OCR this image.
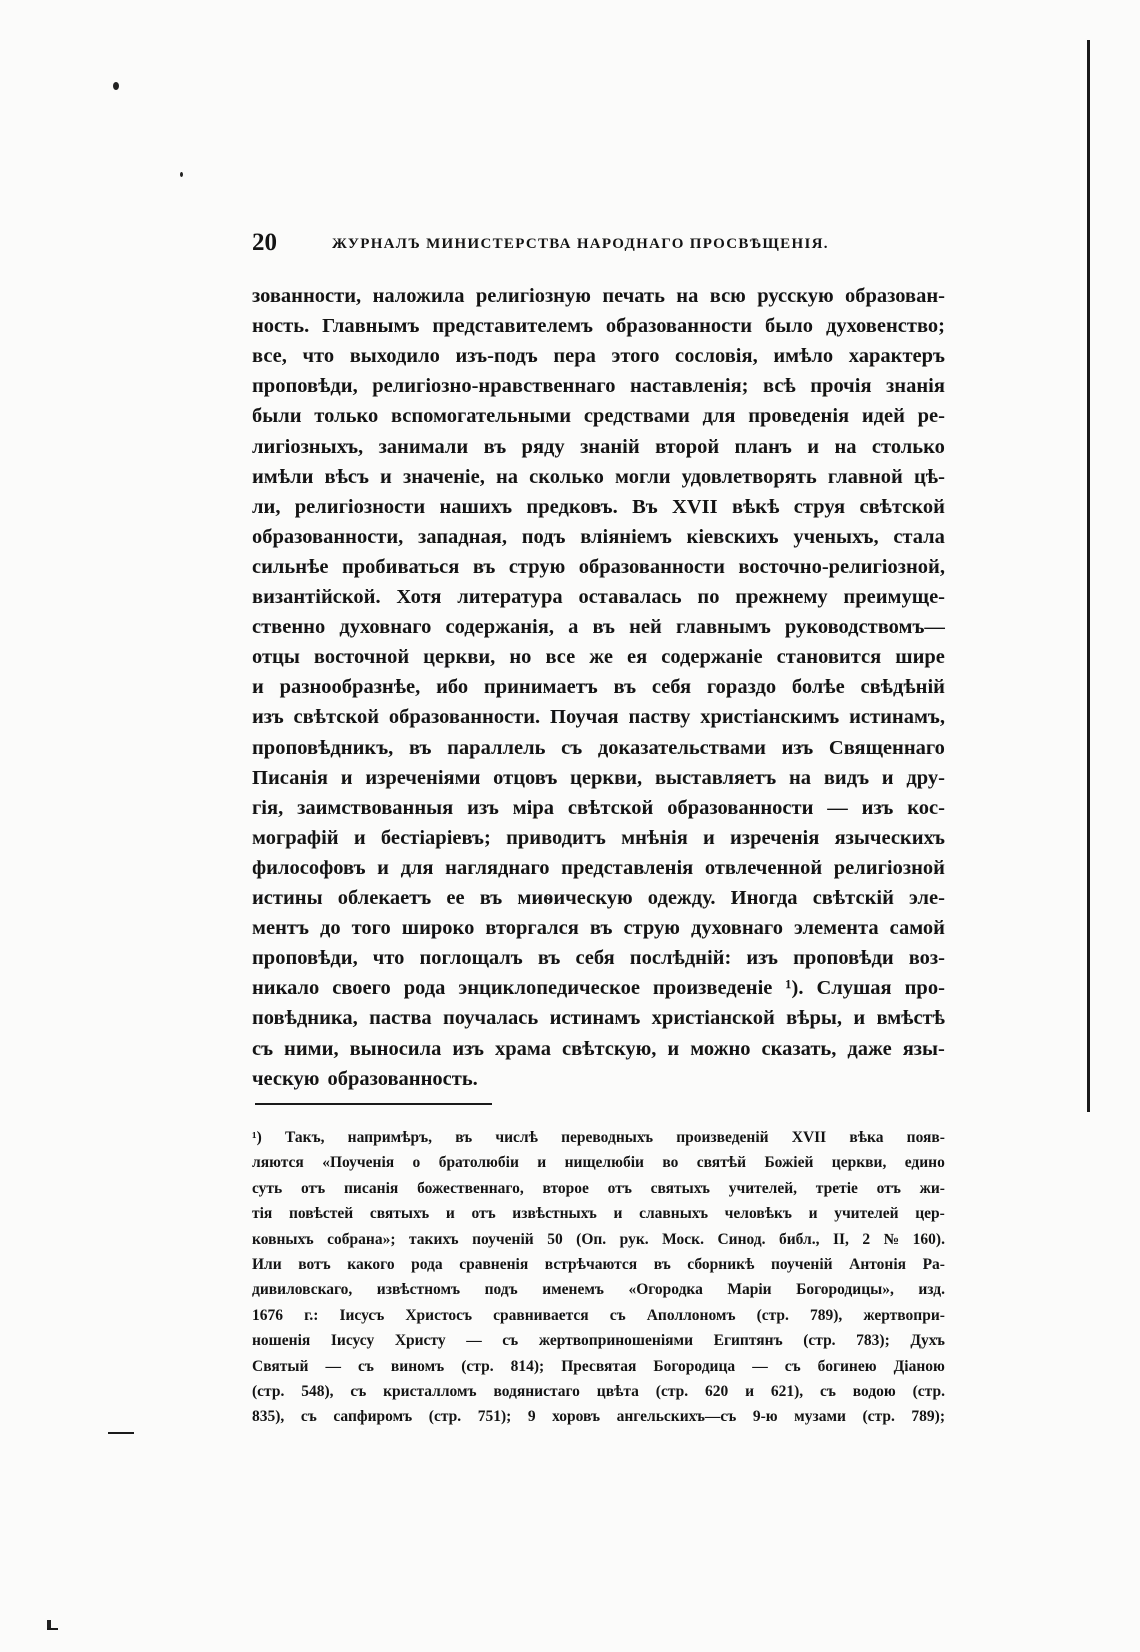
20	ЖУРНАЛЪ МИНИСТЕРСТВА НАРОДНАГО ПРОСВѢЩЕНІЯ.
зованности, наложила религіозную печать на всю русскую образован-
ность. Главнымъ представителемъ образованности было духовенство;
все, что выходило изъ-подъ пера этого сословія, имѣло характеръ
проповѣди, религіозно-нравственнаго наставленія; всѣ прочія знанія
были только вспомогательными средствами для проведенія идей ре-
лигіозныхъ, занимали въ ряду знаній второй планъ и на столько
имѣли вѣсъ и значеніе, на сколько могли удовлетворять главной цѣ-
ли, религіозности нашихъ предковъ. Въ XVII вѣкѣ струя свѣтской
образованности, западная, подъ вліяніемъ кіевскихъ ученыхъ, стала
сильнѣе пробиваться въ струю образованности восточно-религіозной,
византійской. Хотя литература оставалась по прежнему преимуще-
ственно духовнаго содержанія, а въ ней главнымъ руководствомъ—
отцы восточной церкви, но все же ея содержаніе становится шире
и разнообразнѣе, ибо принимаетъ въ себя гораздо болѣе свѣдѣній
изъ свѣтской образованности. Поучая паству христіанскимъ истинамъ,
проповѣдникъ, въ параллель съ доказательствами изъ Священнаго
Писанія и изреченіями отцовъ церкви, выставляетъ на видъ и дру-
гія, заимствованныя изъ міра свѣтской образованности — изъ кос-
мографій и бестіаріевъ; приводитъ мнѣнія и изреченія языческихъ
философовъ и для нагляднаго представленія отвлеченной религіозной
истины облекаетъ ее въ миѳическую одежду. Иногда свѣтскій эле-
ментъ до того широко вторгался въ струю духовнаго элемента самой
проповѣди, что поглощалъ въ себя послѣдній: изъ проповѣди воз-
никало своего рода энциклопедическое произведеніе ¹). Слушая про-
повѣдника, паства поучалась истинамъ христіанской вѣры, и вмѣстѣ
съ ними, выносила изъ храма свѣтскую, и можно сказать, даже язы-
ческую образованность.
¹) Такъ, напримѣръ, въ числѣ переводныхъ произведеній XVII вѣка появ-
ляются «Поученія о братолюбіи и нищелюбіи во святѣй Божіей церкви, едино
суть отъ писанія божественнаго, второе отъ святыхъ учителей, третіе отъ жи-
тія повѣстей святыхъ и отъ извѣстныхъ и славныхъ человѣкъ и учителей цер-
ковныхъ собрана»; такихъ поученій 50 (Оп. рук. Моск. Синод. библ., II, 2 № 160).
Или вотъ какого рода сравненія встрѣчаются въ сборникѣ поученій Антонія Ра-
дивиловскаго, извѣстномъ подъ именемъ «Огородка Маріи Богородицы», изд.
1676 г.: Іисусъ Христосъ сравнивается съ Аполлономъ (стр. 789), жертвопри-
ношенія Іисусу Христу — съ жертвоприношеніями Египтянъ (стр. 783); Духъ
Святый — съ виномъ (стр. 814); Пресвятая Богородица — съ богинею Діаною
(стр. 548), съ кристалломъ водянистаго цвѣта (стр. 620 и 621), съ водою (стр.
835), съ сапфиромъ (стр. 751); 9 хоровъ ангельскихъ—съ 9-ю музами (стр. 789);
